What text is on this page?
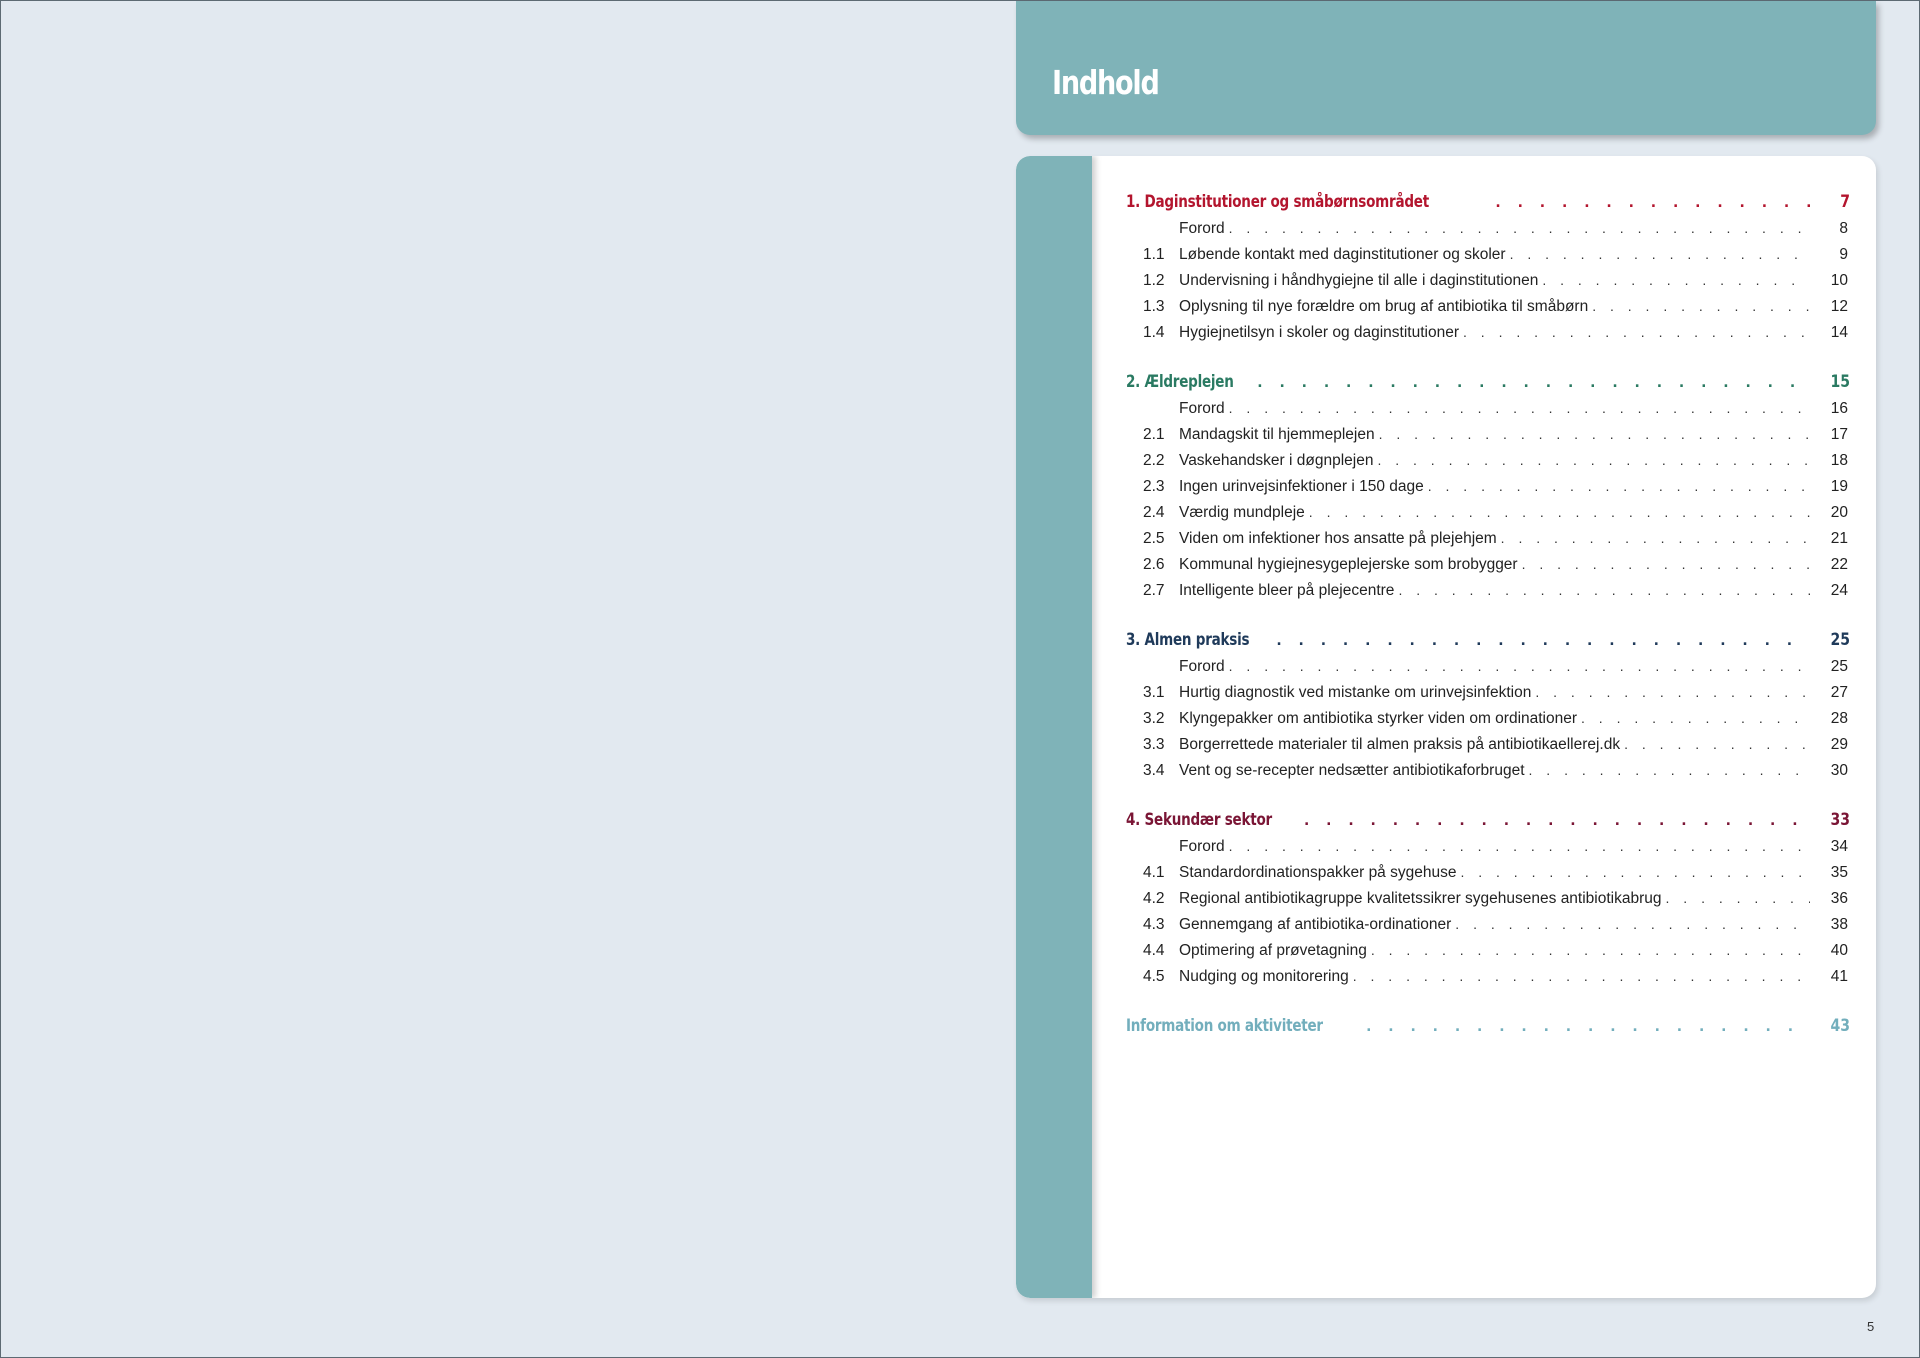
Indhold
1. Daginstitutioner og småbørnsområdet . . .	7
Forord . . .	8
1.1 Løbende kontakt med daginstitutioner og skoler . . .	9
1.2 Undervisning i håndhygiejne til alle i daginstitutionen . . .	10
1.3 Oplysning til nye forældre om brug af antibiotika til småbørn . . .	12
1.4 Hygiejnetilsyn i skoler og daginstitutioner . . .	14
2. Ældreplejen . . .	15
Forord . . .	16
2.1 Mandagskit til hjemmeplejen . . .	17
2.2 Vaskehandsker i døgnplejen . . .	18
2.3 Ingen urinvejsinfektioner i 150 dage . . .	19
2.4 Værdig mundpleje . . .	20
2.5 Viden om infektioner hos ansatte på plejehjem . . .	21
2.6 Kommunal hygiejnesygeplejerske som brobygger . . .	22
2.7 Intelligente bleer på plejecentre . . .	24
3. Almen praksis . . .	25
Forord . . .	25
3.1 Hurtig diagnostik ved mistanke om urinvejsinfektion . . .	27
3.2 Klyngepakker om antibiotika styrker viden om ordinationer . . .	28
3.3 Borgerrettede materialer til almen praksis på antibiotikaellerej.dk . . .	29
3.4 Vent og se-recepter nedsætter antibiotikaforbruget . . .	30
4. Sekundær sektor . . .	33
Forord . . .	34
4.1 Standardordinationspakker på sygehuse . . .	35
4.2 Regional antibiotikagruppe kvalitetssikrer sygehusenes antibiotikabrug . . .	36
4.3 Gennemgang af antibiotika-ordinationer . . .	38
4.4 Optimering af prøvetagning . . .	40
4.5 Nudging og monitorering . . .	41
Information om aktiviteter . . .	43
5
